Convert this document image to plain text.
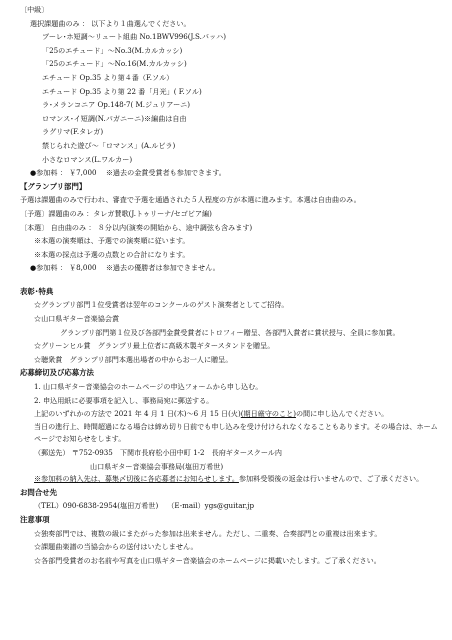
〔中級〕
選択課題曲のみ ： 以下より１曲選んでください。
ブーレ･ホ短調～リュート組曲 No.1BWV996(J.S.バッハ)
「25のエチュード」～No.3(M.カルカッシ)
「25のエチュード」～No.16(M.カルカッシ)
エチュード Op.35 より第４番（F.ソル）
エチュード Op.35 より第 22 番「月光」( F.ソル)
ラ･メランコニア Op.148-7( M.ジュリアーニ)
ロマンス･イ短調(N.パガニーニ)※編曲は自由
ラグリマ(F.タレガ)
禁じられた遊び～「ロマンス」(A.ルビラ)
小さなロマンス(L.ワルカー)
●参加料 ： ￥7,000　 ※過去の金賞受賞者も参加できます。
【グランプリ部門】
予選は課題曲のみで行われ、審査で予選を通過された５人程度の方が本選に進みます。本選は自由曲のみ。
〔予選〕課題曲のみ ：タレガ賛歌(J.トゥリーナ/セゴビア編)
〔本選〕 自由曲のみ ： ８分以内(演奏の開始から、途中調弦も含みます)
※本選の演奏順は、予選での演奏順に従います。
※本選の採点は予選の点数との合計になります。
●参加料 ： ￥8,000　 ※過去の優勝者は参加できません。
表彰･特典
☆グランプリ部門１位受賞者は翌年のコンクールのゲスト演奏者としてご招待。
☆山口県ギター音楽協会賞
グランプリ部門第１位及び各部門金賞受賞者にトロフィー贈呈、各部門入賞者に賞状授与、全員に参加賞。
☆グリーンヒル賞　グランプリ最上位者に高級木製ギタースタンドを贈呈。
☆聴衆賞　グランプリ部門本選出場者の中からお一人に贈呈。
応募締切及び応募方法
1. 山口県ギター音楽協会のホームページの申込フォームから申し込む。
2. 申込用紙に必要事項を記入し、事務局宛に郵送する。
上記のいずれかの方法で 2021 年 4 月 1 日(木)～6 月 15 日(火)(期日厳守のこと)の間に申し込んでください。
当日の進行上、時間超過になる場合は締め切り日前でも申し込みを受け付けられなくなることもあります。その場合は、ホームページでお知らせをします。
（郵送先） 〒752-0935　下関市長府松小田中町 1-2　長府ギタースクール内
山口県ギター音楽協会事務局(塩田万希世)
※参加料の納入先は、募集〆切後に各応募者にお知らせします。参加料受領後の返金は行いませんので、ご了承ください。
お問合せ先
（TEL）090-6838-2954(塩田万希世) （E-mail）ygs@guitar.jp
注意事項
☆独奏部門では、複数の級にまたがった参加は出来ません。ただし、二重奏、合奏部門との重複は出来ます。
☆課題曲楽譜の当協会からの送付はいたしません。
☆各部門受賞者のお名前や写真を山口県ギター音楽協会のホームページに掲載いたします。ご了承ください。
